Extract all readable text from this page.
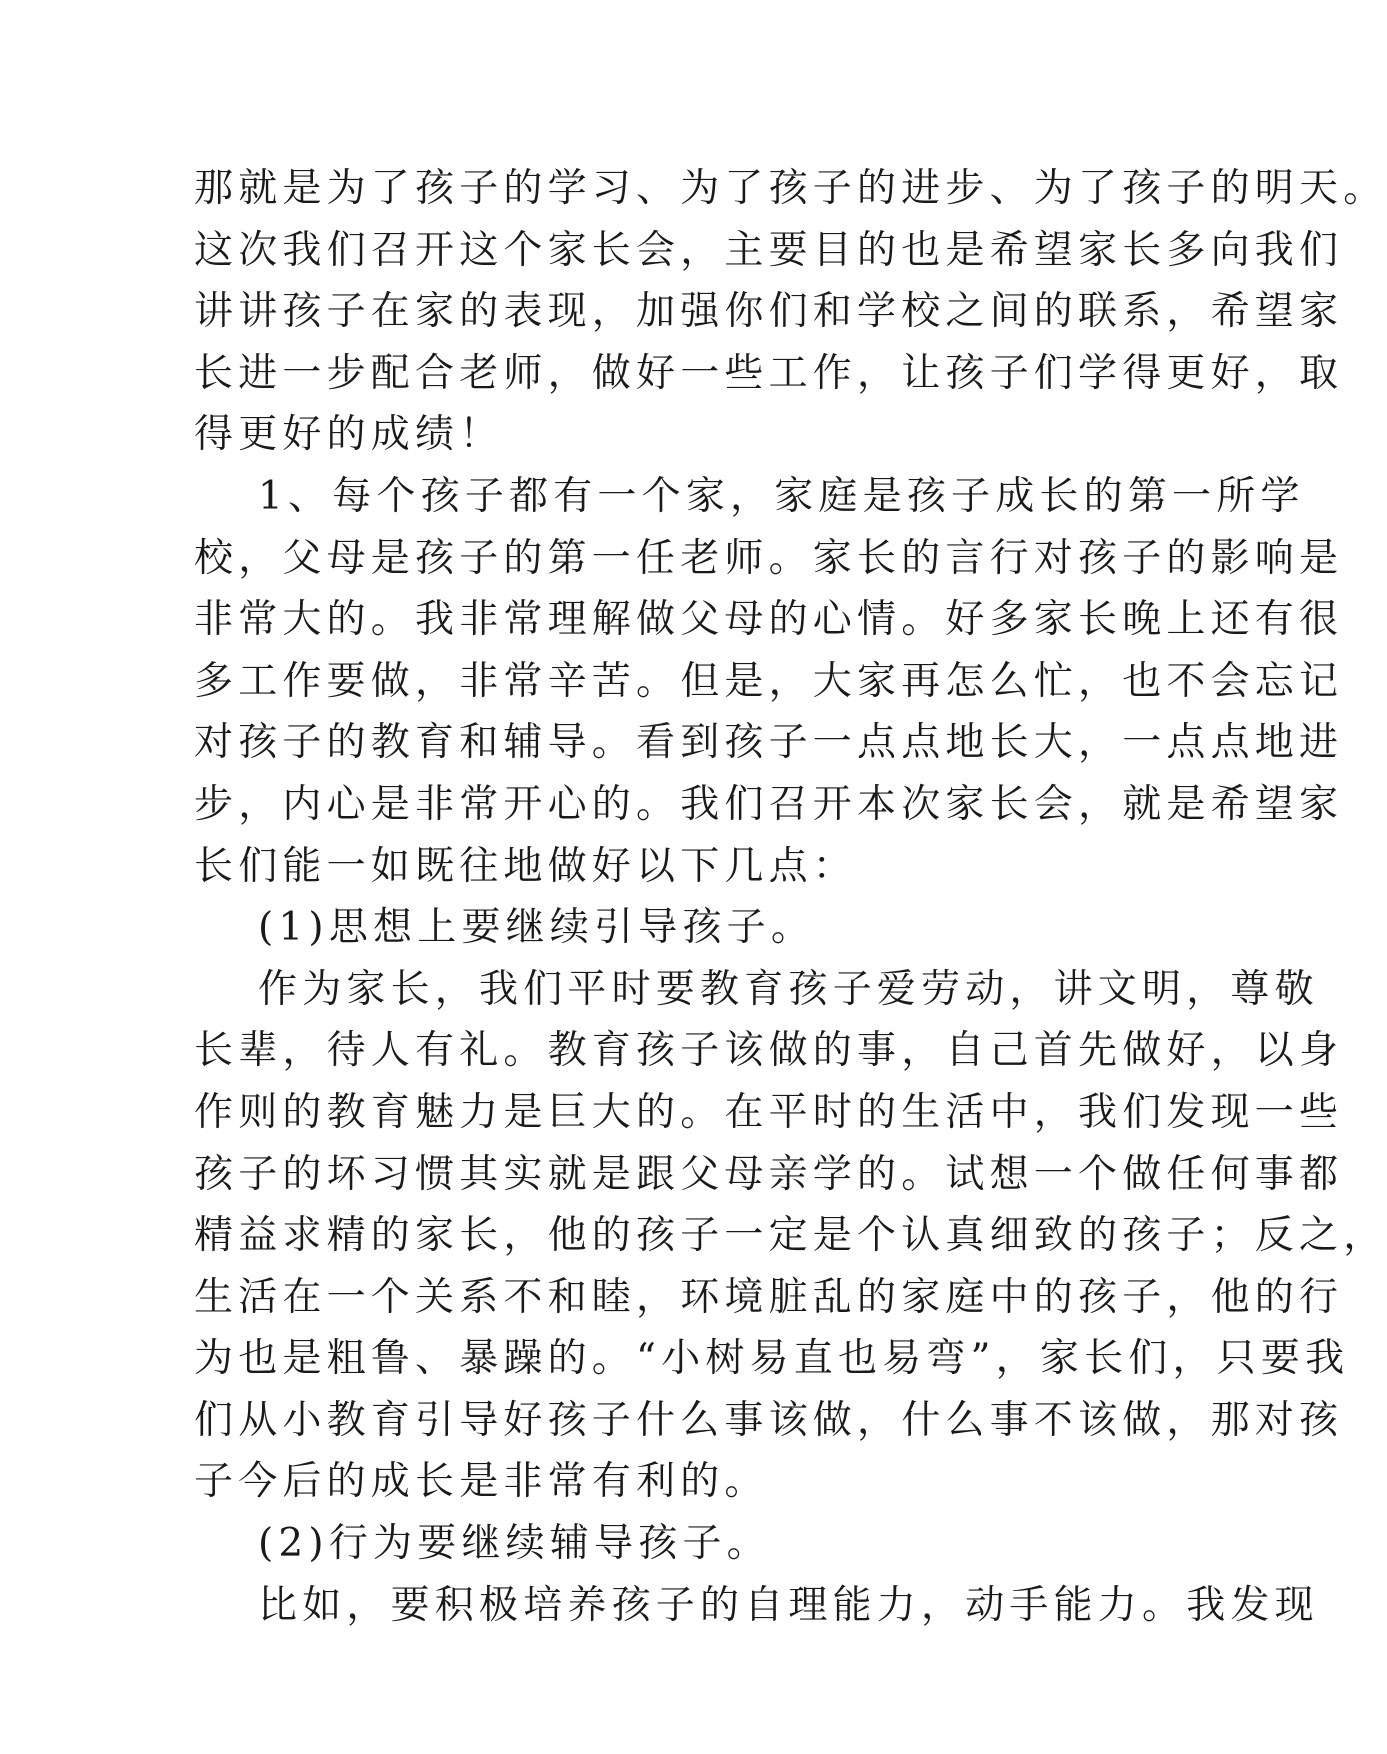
那就是为了孩子的学习、为了孩子的进步、为了孩子的明天。
这次我们召开这个家长会，主要目的也是希望家长多向我们
讲讲孩子在家的表现，加强你们和学校之间的联系，希望家
长进一步配合老师，做好一些工作，让孩子们学得更好，取
得更好的成绩！
1、每个孩子都有一个家，家庭是孩子成长的第一所学
校，父母是孩子的第一任老师。家长的言行对孩子的影响是
非常大的。我非常理解做父母的心情。好多家长晚上还有很
多工作要做，非常辛苦。但是，大家再怎么忙，也不会忘记
对孩子的教育和辅导。看到孩子一点点地长大，一点点地进
步，内心是非常开心的。我们召开本次家长会，就是希望家
长们能一如既往地做好以下几点：
(1)思想上要继续引导孩子。
作为家长，我们平时要教育孩子爱劳动，讲文明，尊敬
长辈，待人有礼。教育孩子该做的事，自己首先做好，以身
作则的教育魅力是巨大的。在平时的生活中，我们发现一些
孩子的坏习惯其实就是跟父母亲学的。试想一个做任何事都
精益求精的家长，他的孩子一定是个认真细致的孩子；反之，
生活在一个关系不和睦，环境脏乱的家庭中的孩子，他的行
为也是粗鲁、暴躁的。“小树易直也易弯”，家长们，只要我
们从小教育引导好孩子什么事该做，什么事不该做，那对孩
子今后的成长是非常有利的。
(2)行为要继续辅导孩子。
比如，要积极培养孩子的自理能力，动手能力。我发现
